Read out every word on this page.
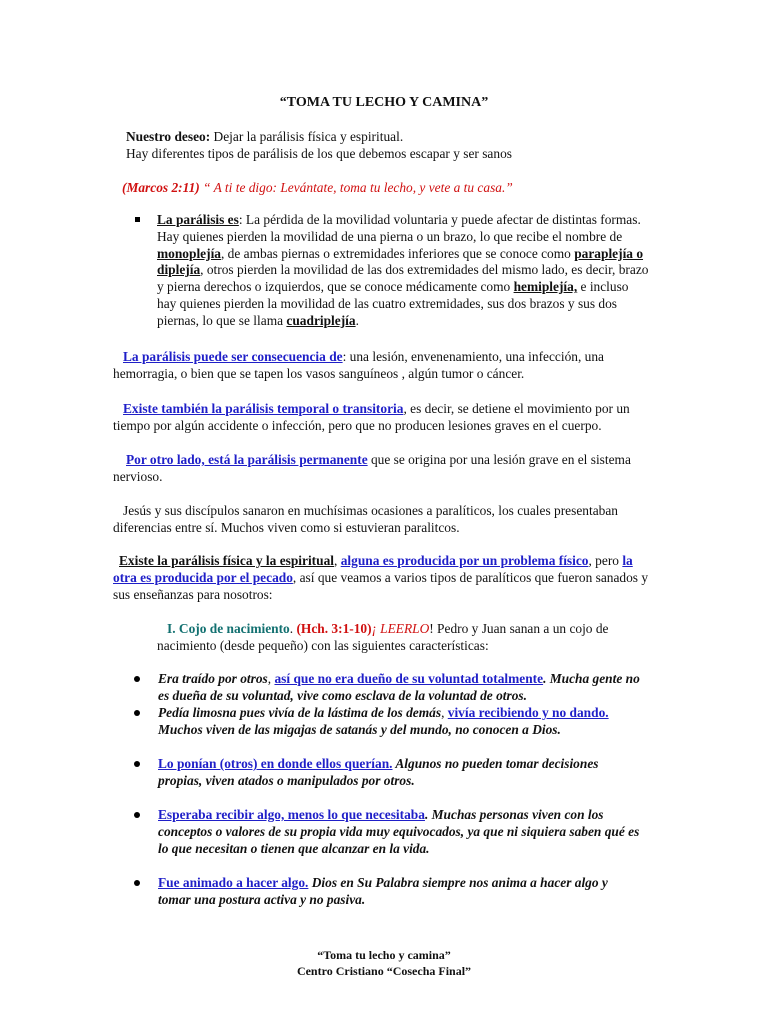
“TOMA TU LECHO Y CAMINA”

Nuestro deseo: Dejar la parálisis física y espiritual.
Hay diferentes tipos de parálisis de los que debemos escapar y ser sanos

(Marcos 2:11) “ A ti te digo: Levántate, toma tu lecho, y vete a tu casa.”

La parálisis es: La pérdida de la movilidad voluntaria y puede afectar de distintas formas. Hay quienes pierden la movilidad de una pierna o un brazo, lo que recibe el nombre de monoplejía, de ambas piernas o extremidades inferiores que se conoce como paraplejía o diplejía, otros pierden la movilidad de las dos extremidades del mismo lado, es decir, brazo y pierna derechos o izquierdos, que se conoce médicamente como hemiplejía, e incluso hay quienes pierden la movilidad de las cuatro extremidades, sus dos brazos y sus dos piernas, lo que se llama cuadriplejía.

La parálisis puede ser consecuencia de: una lesión, envenenamiento, una infección, una hemorragia, o bien que se tapen los vasos sanguíneos , algún tumor o cáncer.

Existe también la parálisis temporal o transitoria, es decir, se detiene el movimiento por un tiempo por algún accidente o infección, pero que no producen lesiones graves en el cuerpo.

Por otro lado, está la parálisis permanente que se origina por una lesión grave en el sistema nervioso.

Jesús y sus discípulos sanaron en muchísimas ocasiones a paralíticos, los cuales presentaban diferencias entre sí. Muchos viven como si estuvieran paralitcos.

Existe la parálisis física y la espiritual, alguna es producida por un problema físico, pero la otra es producida por el pecado, así que veamos a varios tipos de paralíticos que fueron sanados y sus enseñanzas para nosotros:

I. Cojo de nacimiento. (Hch. 3:1-10)¡ LEERLO! Pedro y Juan sanan a un cojo de nacimiento (desde pequeño) con las siguientes características:

Era traído por otros, así que no era dueño de su voluntad totalmente. Mucha gente no es dueña de su voluntad, vive como esclava de la voluntad de otros.

Pedía limosna pues vivía de la lástima de los demás, vivía recibiendo y no dando. Muchos viven de las migajas de satanás y del mundo, no conocen a Dios.

Lo ponían (otros) en donde ellos querían. Algunos no pueden tomar decisiones propias, viven atados o manipulados por otros.

Esperaba recibir algo, menos lo que necesitaba. Muchas personas viven con los conceptos o valores de su propia vida muy equivocados, ya que ni siquiera saben qué es lo que necesitan o tienen que alcanzar en la vida.

Fue animado a hacer algo. Dios en Su Palabra siempre nos anima a hacer algo y tomar una postura activa y no pasiva.

“Toma tu lecho y camina”
Centro Cristiano “Cosecha Final”
